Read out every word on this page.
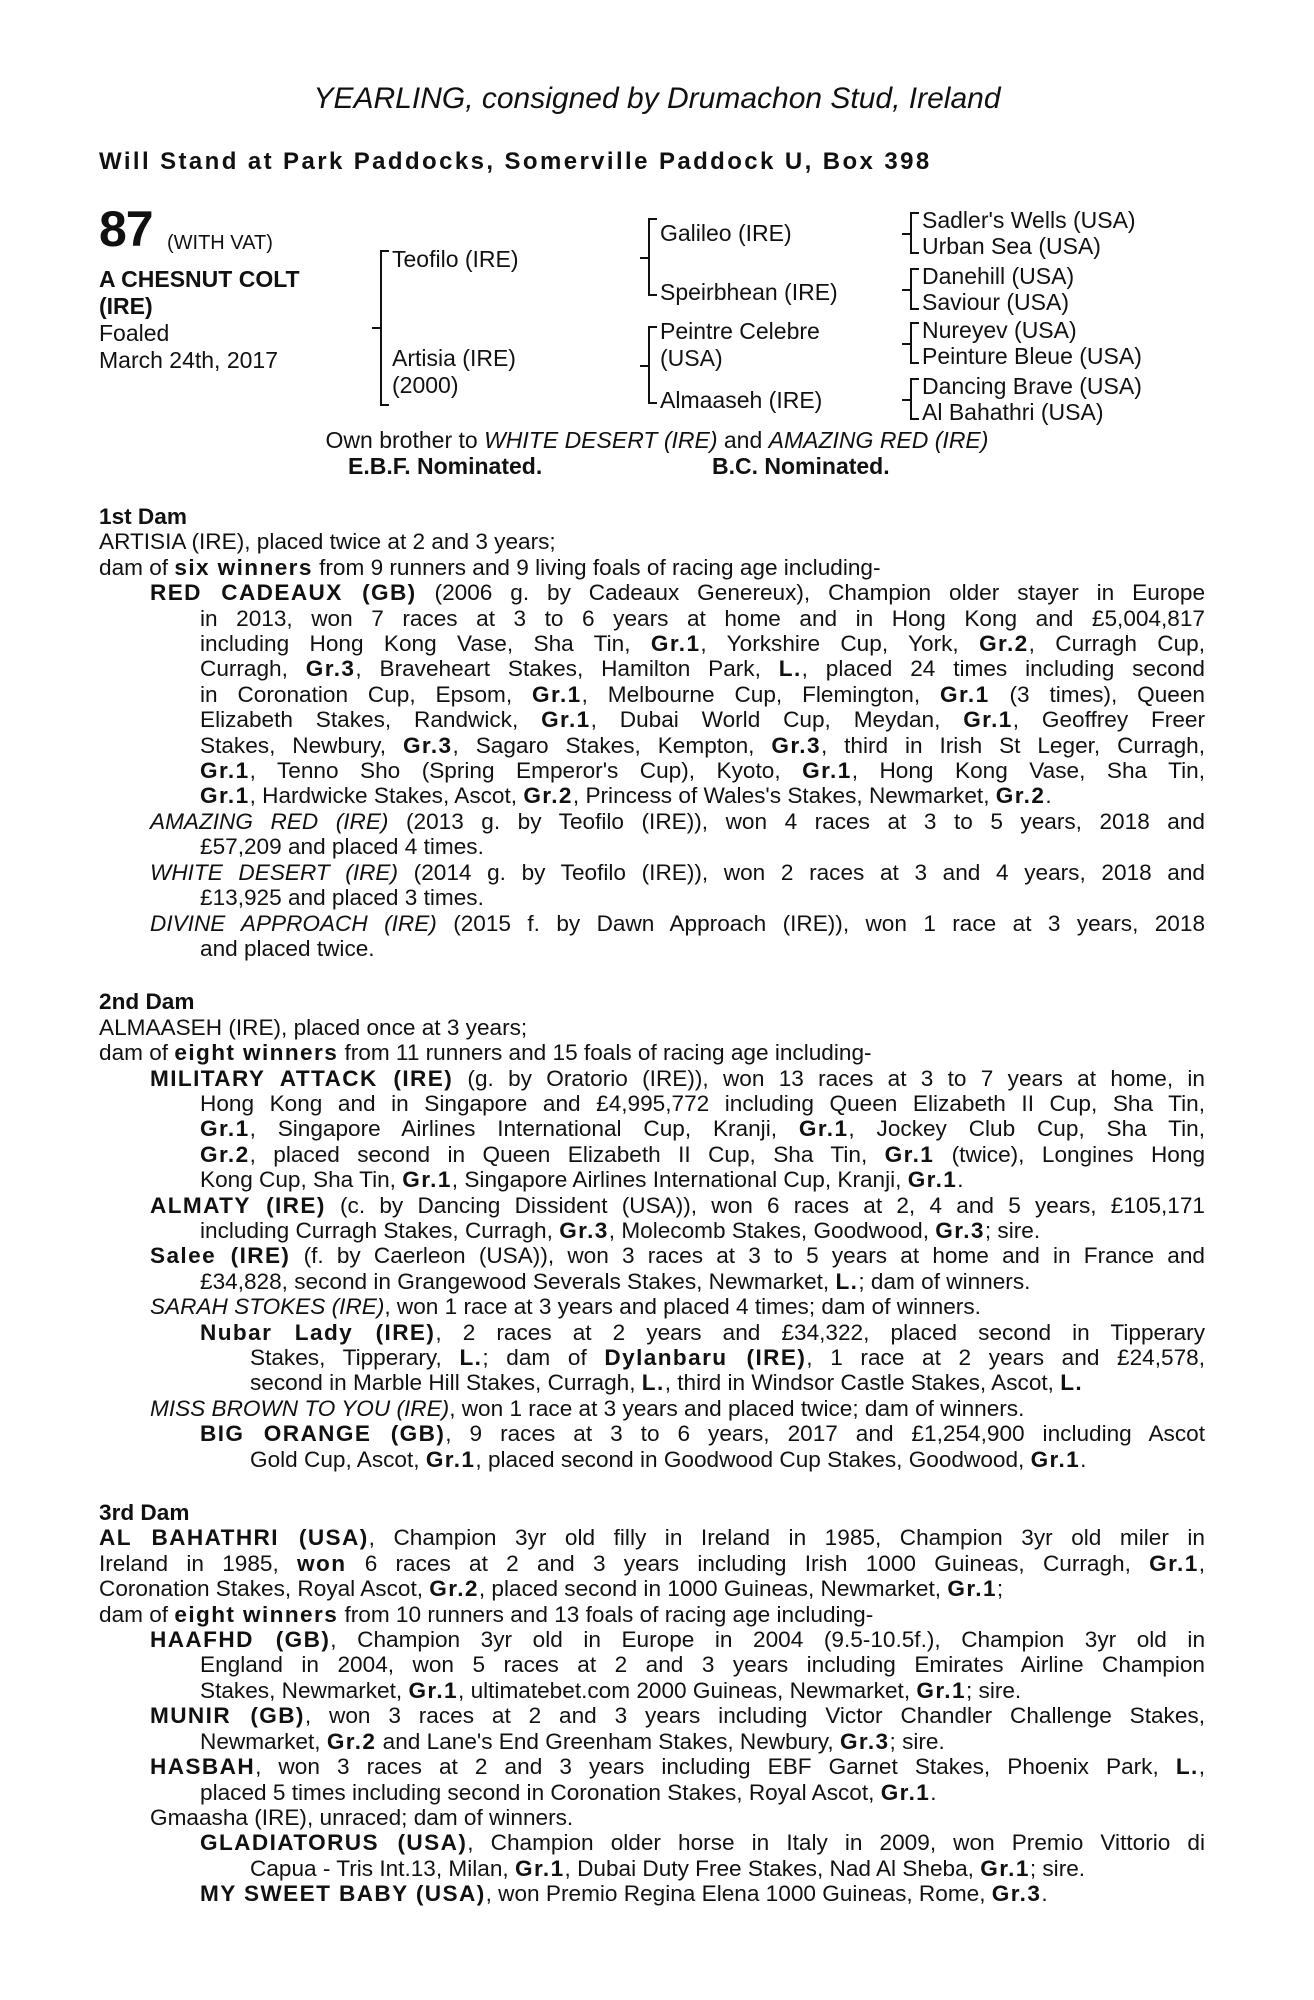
YEARLING, consigned by Drumachon Stud, Ireland
Will Stand at Park Paddocks, Somerville Paddock U, Box 398
87 (WITH VAT)
A CHESNUT COLT
(IRE)
Foaled
March 24th, 2017
Teofilo (IRE)
Artisia (IRE)
(2000)
Galileo (IRE)
Speirbhean (IRE)
Peintre Celebre
(USA)
Almaaseh (IRE)
Sadler's Wells (USA)
Urban Sea (USA)
Danehill (USA)
Saviour (USA)
Nureyev (USA)
Peinture Bleue (USA)
Dancing Brave (USA)
Al Bahathri (USA)
Own brother to WHITE DESERT (IRE) and AMAZING RED (IRE)
E.B.F. Nominated.	B.C. Nominated.
1st Dam
ARTISIA (IRE), placed twice at 2 and 3 years;
dam of six winners from 9 runners and 9 living foals of racing age including-
RED CADEAUX (GB) (2006 g. by Cadeaux Genereux), Champion older stayer in Europe
in 2013, won 7 races at 3 to 6 years at home and in Hong Kong and £5,004,817
including Hong Kong Vase, Sha Tin, Gr.1, Yorkshire Cup, York, Gr.2, Curragh Cup,
Curragh, Gr.3, Braveheart Stakes, Hamilton Park, L., placed 24 times including second
in Coronation Cup, Epsom, Gr.1, Melbourne Cup, Flemington, Gr.1 (3 times), Queen
Elizabeth Stakes, Randwick, Gr.1, Dubai World Cup, Meydan, Gr.1, Geoffrey Freer
Stakes, Newbury, Gr.3, Sagaro Stakes, Kempton, Gr.3, third in Irish St Leger, Curragh,
Gr.1, Tenno Sho (Spring Emperor's Cup), Kyoto, Gr.1, Hong Kong Vase, Sha Tin,
Gr.1, Hardwicke Stakes, Ascot, Gr.2, Princess of Wales's Stakes, Newmarket, Gr.2.
AMAZING RED (IRE) (2013 g. by Teofilo (IRE)), won 4 races at 3 to 5 years, 2018 and
£57,209 and placed 4 times.
WHITE DESERT (IRE) (2014 g. by Teofilo (IRE)), won 2 races at 3 and 4 years, 2018 and
£13,925 and placed 3 times.
DIVINE APPROACH (IRE) (2015 f. by Dawn Approach (IRE)), won 1 race at 3 years, 2018
and placed twice.
2nd Dam
ALMAASEH (IRE), placed once at 3 years;
dam of eight winners from 11 runners and 15 foals of racing age including-
MILITARY ATTACK (IRE) (g. by Oratorio (IRE)), won 13 races at 3 to 7 years at home, in
Hong Kong and in Singapore and £4,995,772 including Queen Elizabeth II Cup, Sha Tin,
Gr.1, Singapore Airlines International Cup, Kranji, Gr.1, Jockey Club Cup, Sha Tin,
Gr.2, placed second in Queen Elizabeth II Cup, Sha Tin, Gr.1 (twice), Longines Hong
Kong Cup, Sha Tin, Gr.1, Singapore Airlines International Cup, Kranji, Gr.1.
ALMATY (IRE) (c. by Dancing Dissident (USA)), won 6 races at 2, 4 and 5 years, £105,171
including Curragh Stakes, Curragh, Gr.3, Molecomb Stakes, Goodwood, Gr.3; sire.
Salee (IRE) (f. by Caerleon (USA)), won 3 races at 3 to 5 years at home and in France and
£34,828, second in Grangewood Severals Stakes, Newmarket, L.; dam of winners.
SARAH STOKES (IRE), won 1 race at 3 years and placed 4 times; dam of winners.
Nubar Lady (IRE), 2 races at 2 years and £34,322, placed second in Tipperary
Stakes, Tipperary, L.; dam of Dylanbaru (IRE), 1 race at 2 years and £24,578,
second in Marble Hill Stakes, Curragh, L., third in Windsor Castle Stakes, Ascot, L.
MISS BROWN TO YOU (IRE), won 1 race at 3 years and placed twice; dam of winners.
BIG ORANGE (GB), 9 races at 3 to 6 years, 2017 and £1,254,900 including Ascot
Gold Cup, Ascot, Gr.1, placed second in Goodwood Cup Stakes, Goodwood, Gr.1.
3rd Dam
AL BAHATHRI (USA), Champion 3yr old filly in Ireland in 1985, Champion 3yr old miler in
Ireland in 1985, won 6 races at 2 and 3 years including Irish 1000 Guineas, Curragh, Gr.1,
Coronation Stakes, Royal Ascot, Gr.2, placed second in 1000 Guineas, Newmarket, Gr.1;
dam of eight winners from 10 runners and 13 foals of racing age including-
HAAFHD (GB), Champion 3yr old in Europe in 2004 (9.5-10.5f.), Champion 3yr old in
England in 2004, won 5 races at 2 and 3 years including Emirates Airline Champion
Stakes, Newmarket, Gr.1, ultimatebet.com 2000 Guineas, Newmarket, Gr.1; sire.
MUNIR (GB), won 3 races at 2 and 3 years including Victor Chandler Challenge Stakes,
Newmarket, Gr.2 and Lane's End Greenham Stakes, Newbury, Gr.3; sire.
HASBAH, won 3 races at 2 and 3 years including EBF Garnet Stakes, Phoenix Park, L.,
placed 5 times including second in Coronation Stakes, Royal Ascot, Gr.1.
Gmaasha (IRE), unraced; dam of winners.
GLADIATORUS (USA), Champion older horse in Italy in 2009, won Premio Vittorio di
Capua - Tris Int.13, Milan, Gr.1, Dubai Duty Free Stakes, Nad Al Sheba, Gr.1; sire.
MY SWEET BABY (USA), won Premio Regina Elena 1000 Guineas, Rome, Gr.3.
